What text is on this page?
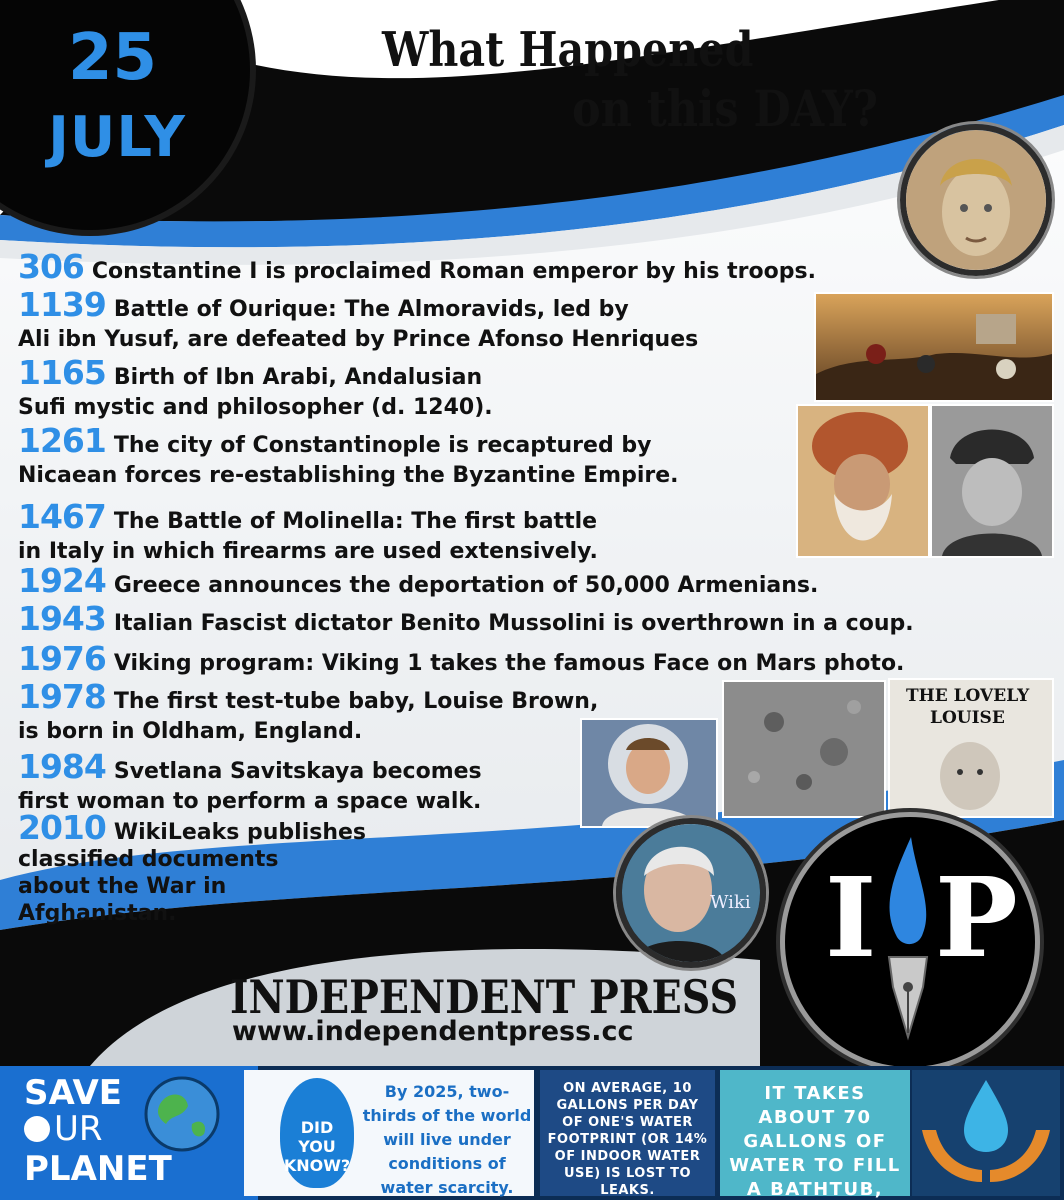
25
JULY
What Happened
on this DAY?
306 Constantine I is proclaimed Roman emperor by his troops.
1139 Battle of Ourique: The Almoravids, led by
Ali ibn Yusuf, are defeated by Prince Afonso Henriques
1165 Birth of Ibn Arabi, Andalusian
Sufi mystic and philosopher (d. 1240).
1261 The city of Constantinople is recaptured by
Nicaean forces re-establishing the Byzantine Empire.
1467 The Battle of Molinella: The first battle
in Italy in which firearms are used extensively.
1924 Greece announces the deportation of 50,000 Armenians.
1943 Italian Fascist dictator Benito Mussolini is overthrown in a coup.
1976 Viking program: Viking 1 takes the famous Face on Mars photo.
1978 The first test-tube baby, Louise Brown,
is born in Oldham, England.
1984 Svetlana Savitskaya becomes
first woman to perform a space walk.
2010 WikiLeaks publishes
classified documents
about the War in
Afghanistan.
THE LOVELY
LOUISE
Wiki
INDEPENDENT PRESS
www.independentpress.cc
I P
SAVE
UR
PLANET
DID
YOU
KNOW?
By 2025, two-thirds of the world will live under conditions of water scarcity.
ON AVERAGE, 10 GALLONS PER DAY OF ONE'S WATER FOOTPRINT (OR 14% OF INDOOR WATER USE) IS LOST TO LEAKS.
IT TAKES ABOUT 70 GALLONS OF WATER TO FILL A BATHTUB,
